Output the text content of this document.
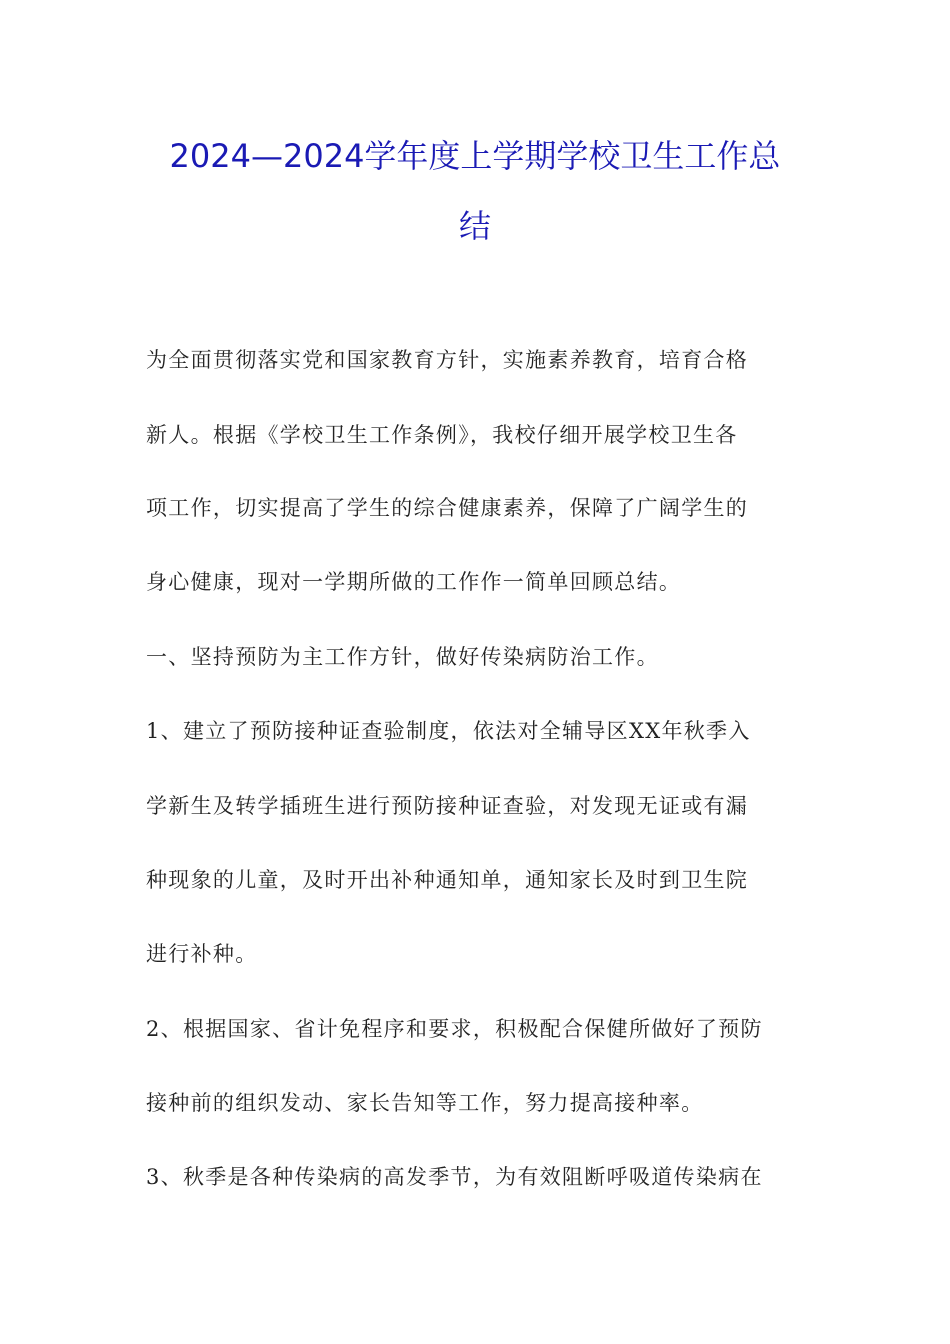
2024—2024学年度上学期学校卫生工作总
结

为全面贯彻落实党和国家教育方针，实施素养教育，培育合格

新人。根据《学校卫生工作条例》，我校仔细开展学校卫生各

项工作，切实提高了学生的综合健康素养，保障了广阔学生的

身心健康，现对一学期所做的工作作一简单回顾总结。

一、坚持预防为主工作方针，做好传染病防治工作。

1、建立了预防接种证查验制度，依法对全辅导区XX年秋季入

学新生及转学插班生进行预防接种证查验，对发现无证或有漏

种现象的儿童，及时开出补种通知单，通知家长及时到卫生院

进行补种。

2、根据国家、省计免程序和要求，积极配合保健所做好了预防

接种前的组织发动、家长告知等工作，努力提高接种率。

3、秋季是各种传染病的高发季节，为有效阻断呼吸道传染病在
